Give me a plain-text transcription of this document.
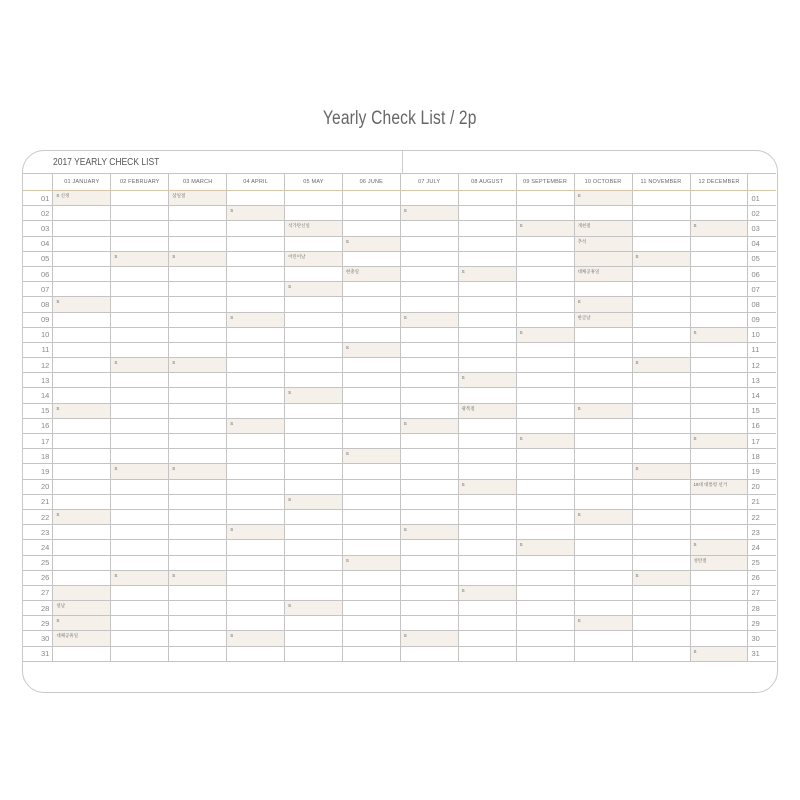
Yearly Check List / 2p
2017 YEARLY CHECK LIST
	01 JANUARY	02 FEBRUARY	03 MARCH	04 APRIL	05 MAY	06 JUNE	07 JULY	08 AUGUST	09 SEPTEMBER	10 OCTOBER	11 NOVEMBER	12 DECEMBER	
01	S 신정		삼일절							S			01
02				S			S						02
03					석가탄신일				S	개천절		S	03
04						S				추석			04
05		S	S		어린이날						S		05
06						현충일		S		대체공휴일			06
07					S								07
08	S									S			08
09				S			S			한글날			09
10									S			S	10
11						S							11
12		S	S								S		12
13								S					13
14					S								14
15	S							광복절		S			15
16				S			S						16
17									S			S	17
18						S							18
19		S	S								S		19
20								S				19대 대통령 선거	20
21					S								21
22	S									S			22
23				S			S						23
24									S			S	24
25						S						성탄절	25
26		S	S								S		26
27								S					27
28	설날				S								28
29	S									S			29
30	대체공휴일			S			S						30
31												S	31
